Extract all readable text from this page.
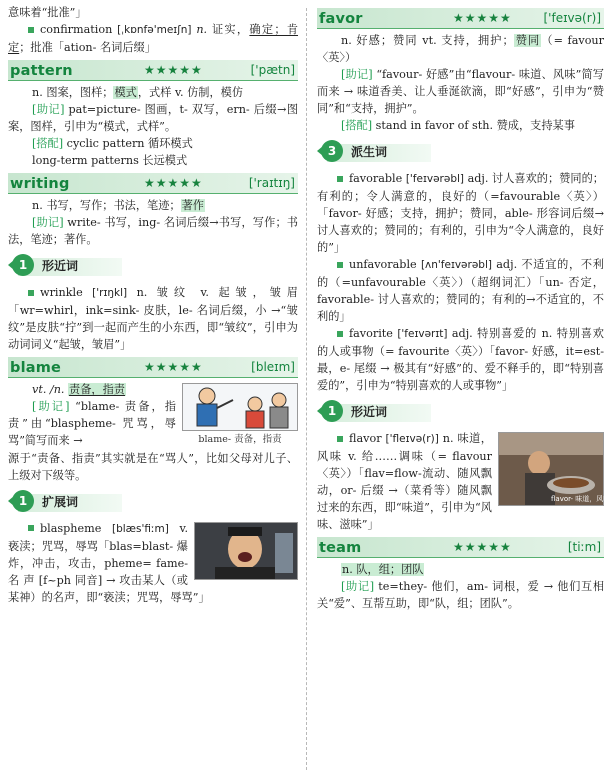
意味着“批准”」

confirmation [ˌkɒnfə'meɪʃn] n. 证实，确定；肯定；批准「ation- 名词后缀」

pattern	★★★★★	['pætn]

n. 图案，图样；模式，式样 v. 仿制，模仿

[助记] pat=picture- 图画，t- 双写，ern- 后缀→图案，图样，引申为“模式，式样”。

[搭配] cyclic pattern 循环模式

long-term patterns 长远模式

writing	★★★★★	['raɪtɪŋ]

n. 书写，写作；书法，笔迹；著作

[助记] write- 书写，ing- 名词后缀→书写，写作；书法，笔迹；著作。

1	形近词

wrinkle ['rɪŋkl] n. 皱纹 v. 起皱，皱眉「wr=whirl，ink=sink- 皮肤，le- 名词后缀，小 →“皱纹”是皮肤“拧”到一起而产生的小东西，即“皱纹”，引申为动词词义“起皱，皱眉”」

blame	★★★★★	[bleɪm]
blame- 责备，指责

vt. /n. 责备，指责

[助记] “blame- 责备，指责”由“blaspheme- 咒骂，辱骂”简写而来 →

源于“责备、指责”其实就是在“骂人”，比如父母对儿子、上级对下级等。

1	扩展词

blaspheme [blæs'fiːm] v. 亵渎；咒骂，辱骂「blas=blast- 爆炸，冲击，攻击，pheme= fame- 名 声 [f~ph 同音] → 攻击某人（或某神）的名声，即“亵渎；咒骂，辱骂”」

favor	★★★★★	['feɪvə(r)]

n. 好感；赞同 vt. 支持，拥护；赞同（= favour〈英〉）

[助记] “favour- 好感”由“flavour- 味道、风味”简写而来 → 味道香美、让人垂涎欲滴，即“好感”，引申为“赞同”和“支持，拥护”。

[搭配] stand in favor of sth. 赞成，支持某事

3	派生词

favorable ['feɪvərəbl] adj. 讨人喜欢的；赞同的；有利的；令人满意的，良好的（=favourable〈英〉）「favor- 好感；支持，拥护；赞同，able- 形容词后缀→讨人喜欢的；赞同的；有利的，引申为“令人满意的，良好的”」

unfavorable [ʌn'feɪvərəbl] adj. 不适宜的，不利的（=unfavourable〈英〉）（超纲词汇）「un- 否定，favorable- 讨人喜欢的；赞同的；有利的→不适宜的，不利的」

favorite ['feɪvərɪt] adj. 特别喜爱的 n. 特别喜欢的人或事物（= favourite〈英〉）「favor- 好感，it=est- 最，e- 尾缀 → 极其有“好感”的、爱不释手的，即“特别喜爱的”，引申为“特别喜欢的人或事物”」

1	形近词
flavor- 味道，风味

flavor ['fleɪvə(r)] n. 味道，风味 v. 给……调味（= flavour〈英〉）「flav=flow-流动、随风飘动，or- 后缀 →（菜肴等）随风飘过来的东西，即“味道”，引申为“风味、滋味”」

team	★★★★★	[tiːm]

n. 队，组；团队

[助记] te=they- 他们，am- 词根，爱 → 他们互相关“爱”、互帮互助，即“队，组；团队”。
